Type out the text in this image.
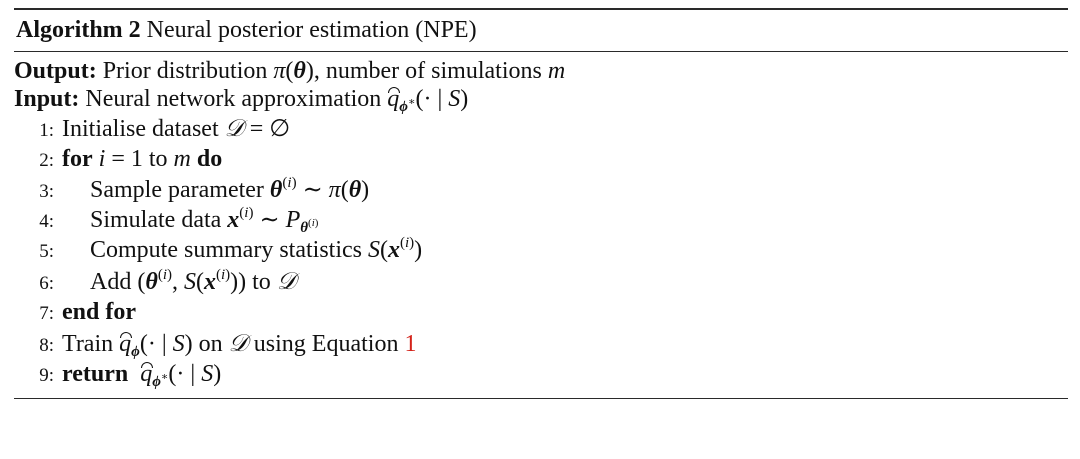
Algorithm 2 Neural posterior estimation (NPE)
Output: Prior distribution π(θ), number of simulations m
Input: Neural network approximation $q_{\phi^∗}(\cdot$ | S)
1: Initialise dataset 𝒟 = ∅
2: for i = 1 to m do
3: Sample parameter $\theta^{(i)}$ ∼ π(θ)
4: Simulate data $x^{(i)}$ ∼ $P_{\theta^{(i)}}$
5: Compute summary statistics $S(x^{(i)})$
6: Add ($\theta^{(i)}$, $S(x^{(i)})$) to 𝒟
7: end for
8: Train $q_\phi(\cdot$ | S) on 𝒟 using Equation 1
9: return $q_{\phi^∗}(\cdot$ | S)
